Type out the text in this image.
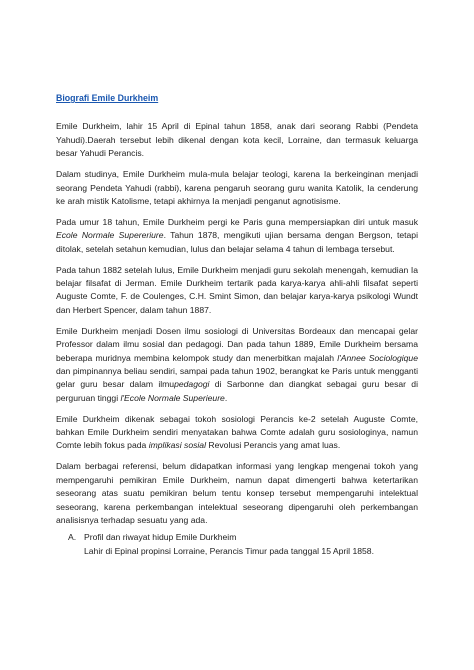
Biografi Emile Durkheim

Emile Durkheim, lahir 15 April di Epinal tahun 1858, anak dari seorang Rabbi (Pendeta Yahudi).Daerah tersebut lebih dikenal dengan kota kecil, Lorraine, dan termasuk keluarga besar Yahudi Perancis.

Dalam studinya, Emile Durkheim mula-mula belajar teologi, karena Ia berkeinginan menjadi seorang Pendeta Yahudi (rabbi), karena pengaruh seorang guru wanita Katolik, Ia cenderung ke arah mistik Katolisme, tetapi akhirnya Ia menjadi penganut agnotisisme.

Pada umur 18 tahun, Emile Durkheim pergi ke Paris guna mempersiapkan diri untuk masuk Ecole Normale Supereriure. Tahun 1878, mengikuti ujian bersama dengan Bergson, tetapi ditolak, setelah setahun kemudian, lulus dan belajar selama 4 tahun di lembaga tersebut.

Pada tahun 1882 setelah lulus, Emile Durkheim menjadi guru sekolah menengah, kemudian Ia belajar filsafat di Jerman. Emile Durkheim tertarik pada karya-karya ahli-ahli filsafat seperti Auguste Comte, F. de Coulenges, C.H. Smint Simon, dan belajar karya-karya psikologi Wundt dan Herbert Spencer, dalam tahun 1887.

Emile Durkheim menjadi Dosen ilmu sosiologi di Universitas Bordeaux dan mencapai gelar Professor dalam ilmu sosial dan pedagogi. Dan pada tahun 1889, Emile Durkheim bersama beberapa muridnya membina kelompok study dan menerbitkan majalah l'Annee Sociologique dan pimpinannya beliau sendiri, sampai pada tahun 1902, berangkat ke Paris untuk mengganti gelar guru besar dalam ilmupedagogi di Sarbonne dan diangkat sebagai guru besar di perguruan tinggi l'Ecole Normale Superieure.

Emile Durkheim dikenak sebagai tokoh sosiologi Perancis ke-2 setelah Auguste Comte, bahkan Emile Durkheim sendiri menyatakan bahwa Comte adalah guru sosiologinya, namun Comte lebih fokus pada implikasi sosial Revolusi Perancis yang amat luas.

Dalam berbagai referensi, belum didapatkan informasi yang lengkap mengenai tokoh yang mempengaruhi pemikiran Emile Durkheim, namun dapat dimengerti bahwa ketertarikan seseorang atas suatu pemikiran belum tentu konsep tersebut mempengaruhi intelektual seseorang, karena perkembangan intelektual seseorang dipengaruhi oleh perkembangan analisisnya terhadap sesuatu yang ada.

A. Profil dan riwayat hidup Emile Durkheim
Lahir di Epinal propinsi Lorraine, Perancis Timur pada tanggal 15 April 1858.
